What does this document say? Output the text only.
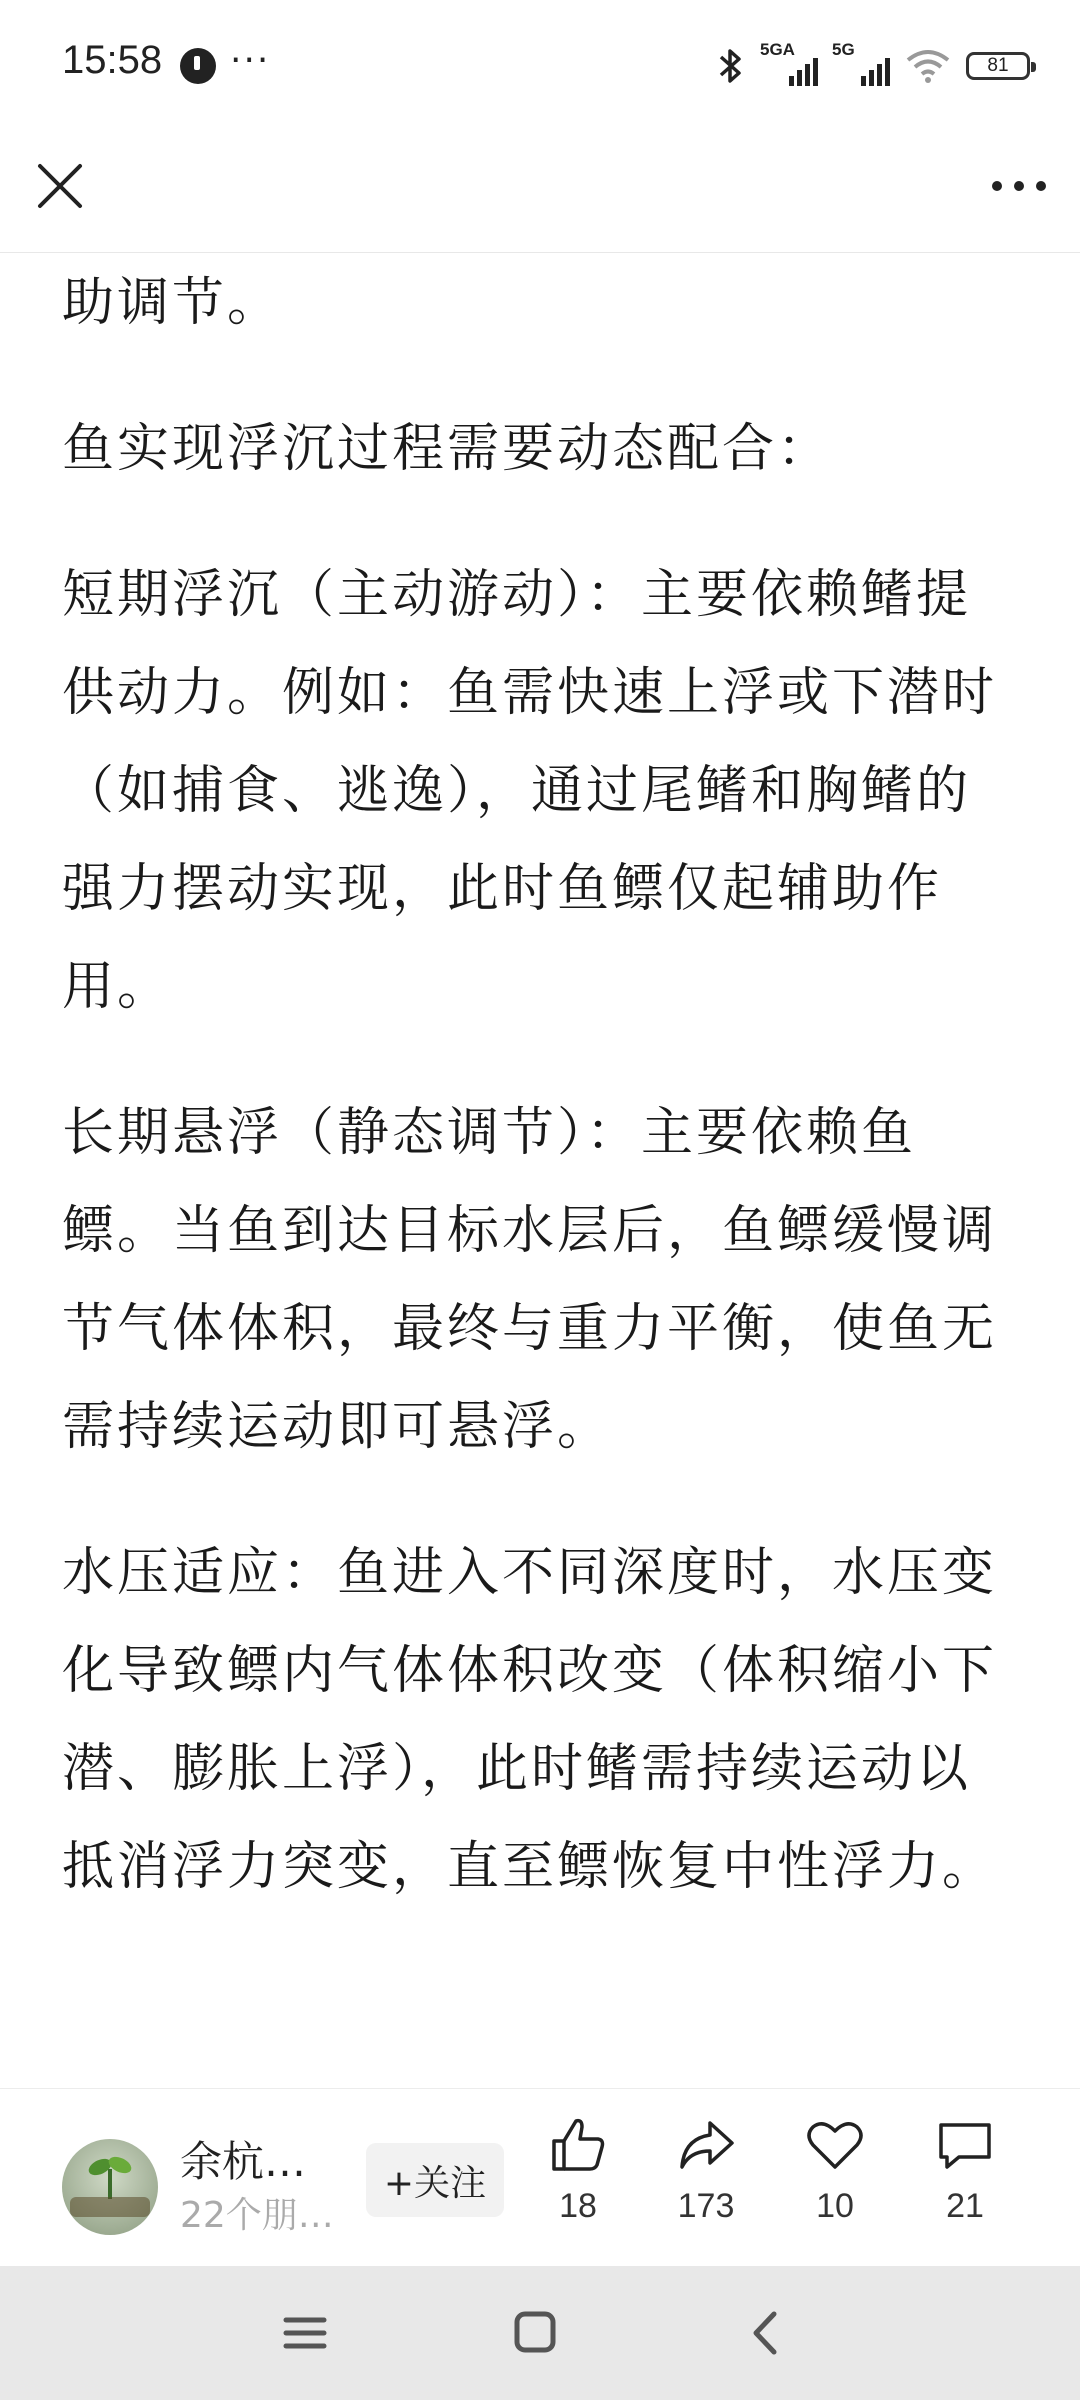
15:58 ···	5GA 5G
81

助调节。

鱼实现浮沉过程需要动态配合：

短期浮沉（主动游动）：主要依赖鳍提供动力。例如：鱼需快速上浮或下潜时（如捕食、逃逸），通过尾鳍和胸鳍的强力摆动实现，此时鱼鳔仅起辅助作用。

长期悬浮（静态调节）：主要依赖鱼鳔。当鱼到达目标水层后，鱼鳔缓慢调节气体体积，最终与重力平衡，使鱼无需持续运动即可悬浮。

水压适应：鱼进入不同深度时，水压变化导致鳔内气体体积改变（体积缩小下潜、膨胀上浮），此时鳍需持续运动以抵消浮力突变，直至鳔恢复中性浮力。

余杭…
22个朋…
+关注
18	173	10	21
